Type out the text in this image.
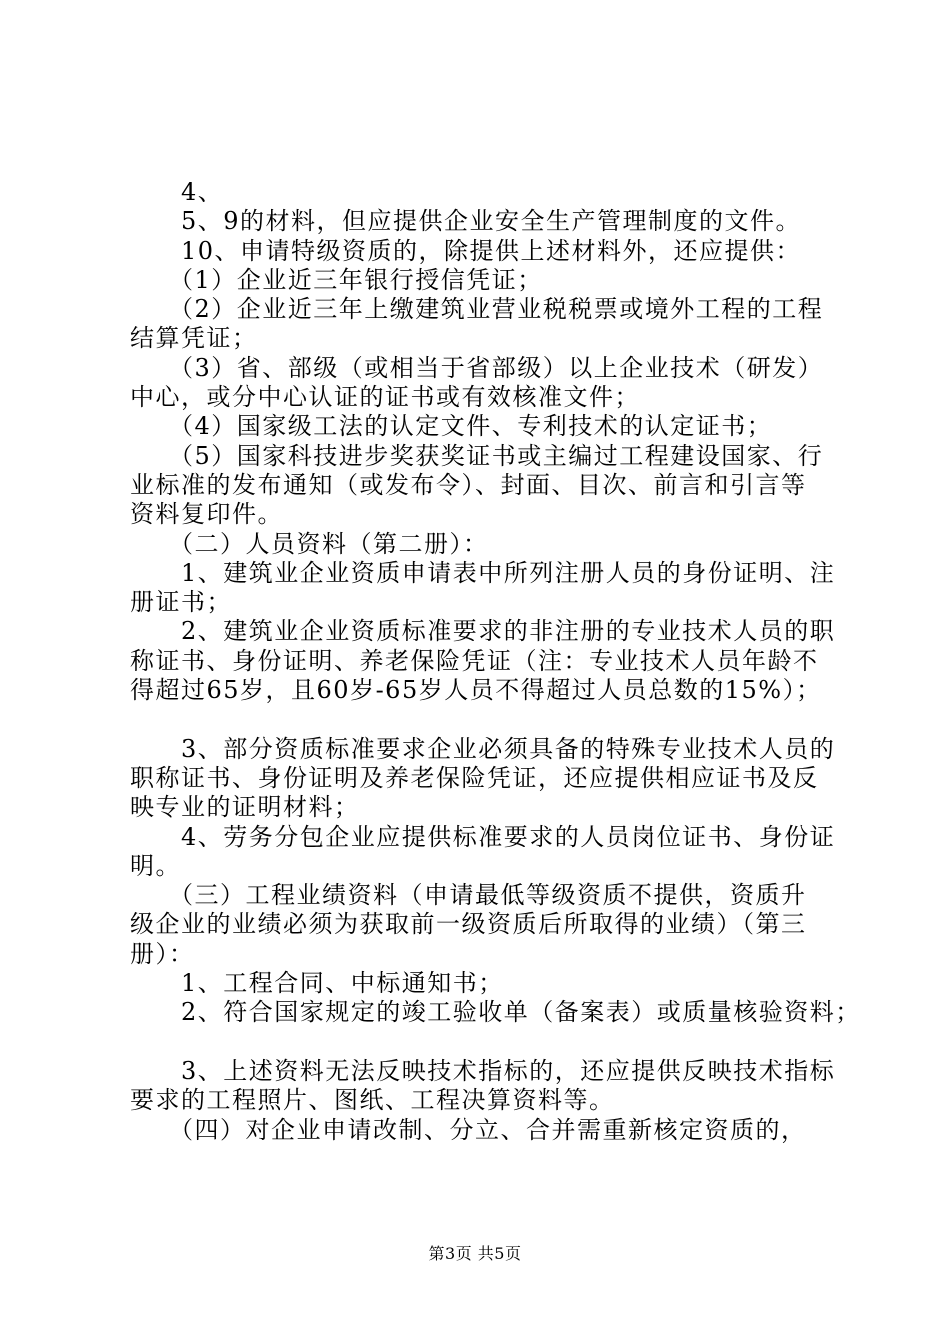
　　4、
　　5、9的材料，但应提供企业安全生产管理制度的文件。
　　10、申请特级资质的，除提供上述材料外，还应提供：
　　（1）企业近三年银行授信凭证；
　　（2）企业近三年上缴建筑业营业税税票或境外工程的工程
结算凭证；
　　（3）省、部级（或相当于省部级）以上企业技术（研发）
中心，或分中心认证的证书或有效核准文件；
　　（4）国家级工法的认定文件、专利技术的认定证书；
　　（5）国家科技进步奖获奖证书或主编过工程建设国家、行
业标准的发布通知（或发布令）、封面、目次、前言和引言等
资料复印件。
　　（二）人员资料（第二册）：
　　1、建筑业企业资质申请表中所列注册人员的身份证明、注
册证书；
　　2、建筑业企业资质标准要求的非注册的专业技术人员的职
称证书、身份证明、养老保险凭证（注：专业技术人员年龄不
得超过65岁，且60岁-65岁人员不得超过人员总数的15%）；
　　3、部分资质标准要求企业必须具备的特殊专业技术人员的
职称证书、身份证明及养老保险凭证，还应提供相应证书及反
映专业的证明材料；
　　4、劳务分包企业应提供标准要求的人员岗位证书、身份证
明。
　　（三）工程业绩资料（申请最低等级资质不提供，资质升
级企业的业绩必须为获取前一级资质后所取得的业绩）（第三
册）：
　　1、工程合同、中标通知书；
　　2、符合国家规定的竣工验收单（备案表）或质量核验资料；
　　3、上述资料无法反映技术指标的，还应提供反映技术指标
要求的工程照片、图纸、工程决算资料等。
　　（四）对企业申请改制、分立、合并需重新核定资质的，
第3页 共5页
